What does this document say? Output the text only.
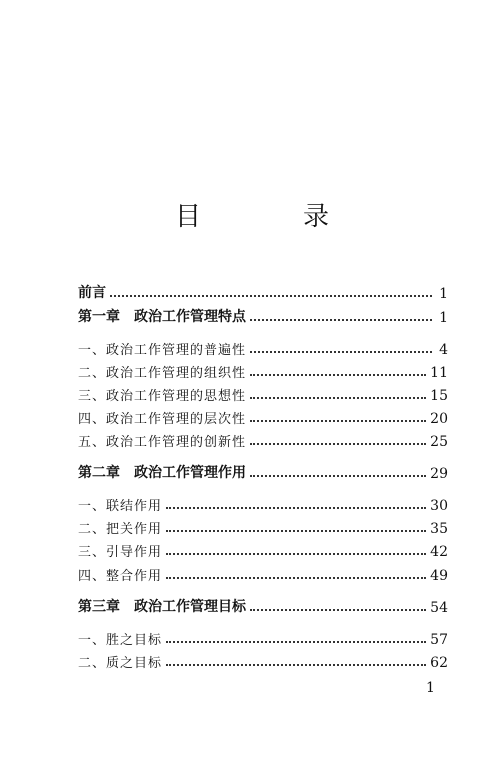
目　录
前言	1
第一章　政治工作管理特点	1
一、政治工作管理的普遍性	4
二、政治工作管理的组织性	11
三、政治工作管理的思想性	15
四、政治工作管理的层次性	20
五、政治工作管理的创新性	25
第二章　政治工作管理作用	29
一、联结作用	30
二、把关作用	35
三、引导作用	42
四、整合作用	49
第三章　政治工作管理目标	54
一、胜之目标	57
二、质之目标	62
1
